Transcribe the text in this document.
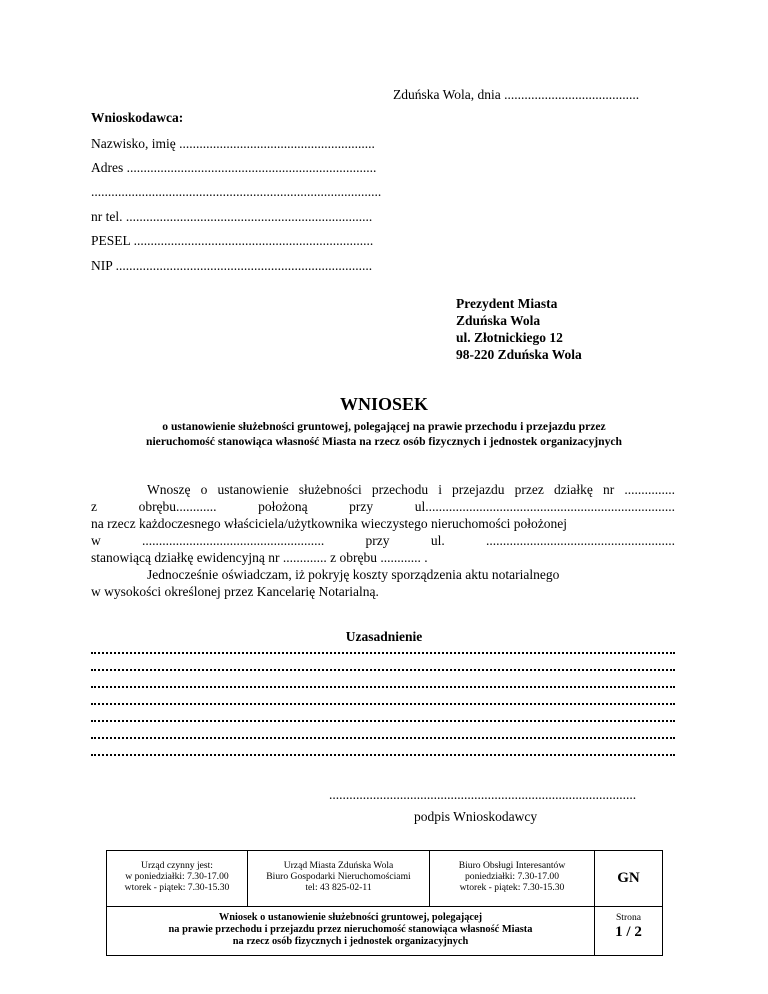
Zduńska Wola, dnia ........................................
Wnioskodawca:
Nazwisko, imię ..........................................................
Adres ..........................................................................
......................................................................................
nr tel. .........................................................................
PESEL .......................................................................
NIP ............................................................................
Prezydent Miasta
Zduńska Wola
ul. Złotnickiego 12
98-220 Zduńska Wola
WNIOSEK
o ustanowienie służebności gruntowej, polegającej na prawie przechodu i przejazdu przez
nieruchomość stanowiąca własność Miasta na rzecz osób fizycznych i jednostek organizacyjnych
Wnoszę o ustanowienie służebności przechodu i przejazdu przez działkę nr ...............
z obrębu............ położoną przy ul..........................................................................
na rzecz każdoczesnego właściciela/użytkownika wieczystego nieruchomości położonej
w ...................................................... przy ul. ........................................................
stanowiącą działkę ewidencyjną nr ............. z obrębu ............ .
Jednocześnie oświadczam, iż pokryję koszty sporządzenia aktu notarialnego
w wysokości określonej przez Kancelarię Notarialną.
Uzasadnienie
...........................................................................................
podpis Wnioskodawcy
Urząd czynny jest:
w poniedziałki: 7.30-17.00
wtorek - piątek: 7.30-15.30
Urząd Miasta Zduńska Wola
Biuro Gospodarki Nieruchomościami
tel: 43 825-02-11
Biuro Obsługi Interesantów
poniedziałki: 7.30-17.00
wtorek - piątek: 7.30-15.30
GN
Wniosek o ustanowienie służebności gruntowej, polegającej
na prawie przechodu i przejazdu przez nieruchomość stanowiąca własność Miasta
na rzecz osób fizycznych i jednostek organizacyjnych
Strona
1 / 2
